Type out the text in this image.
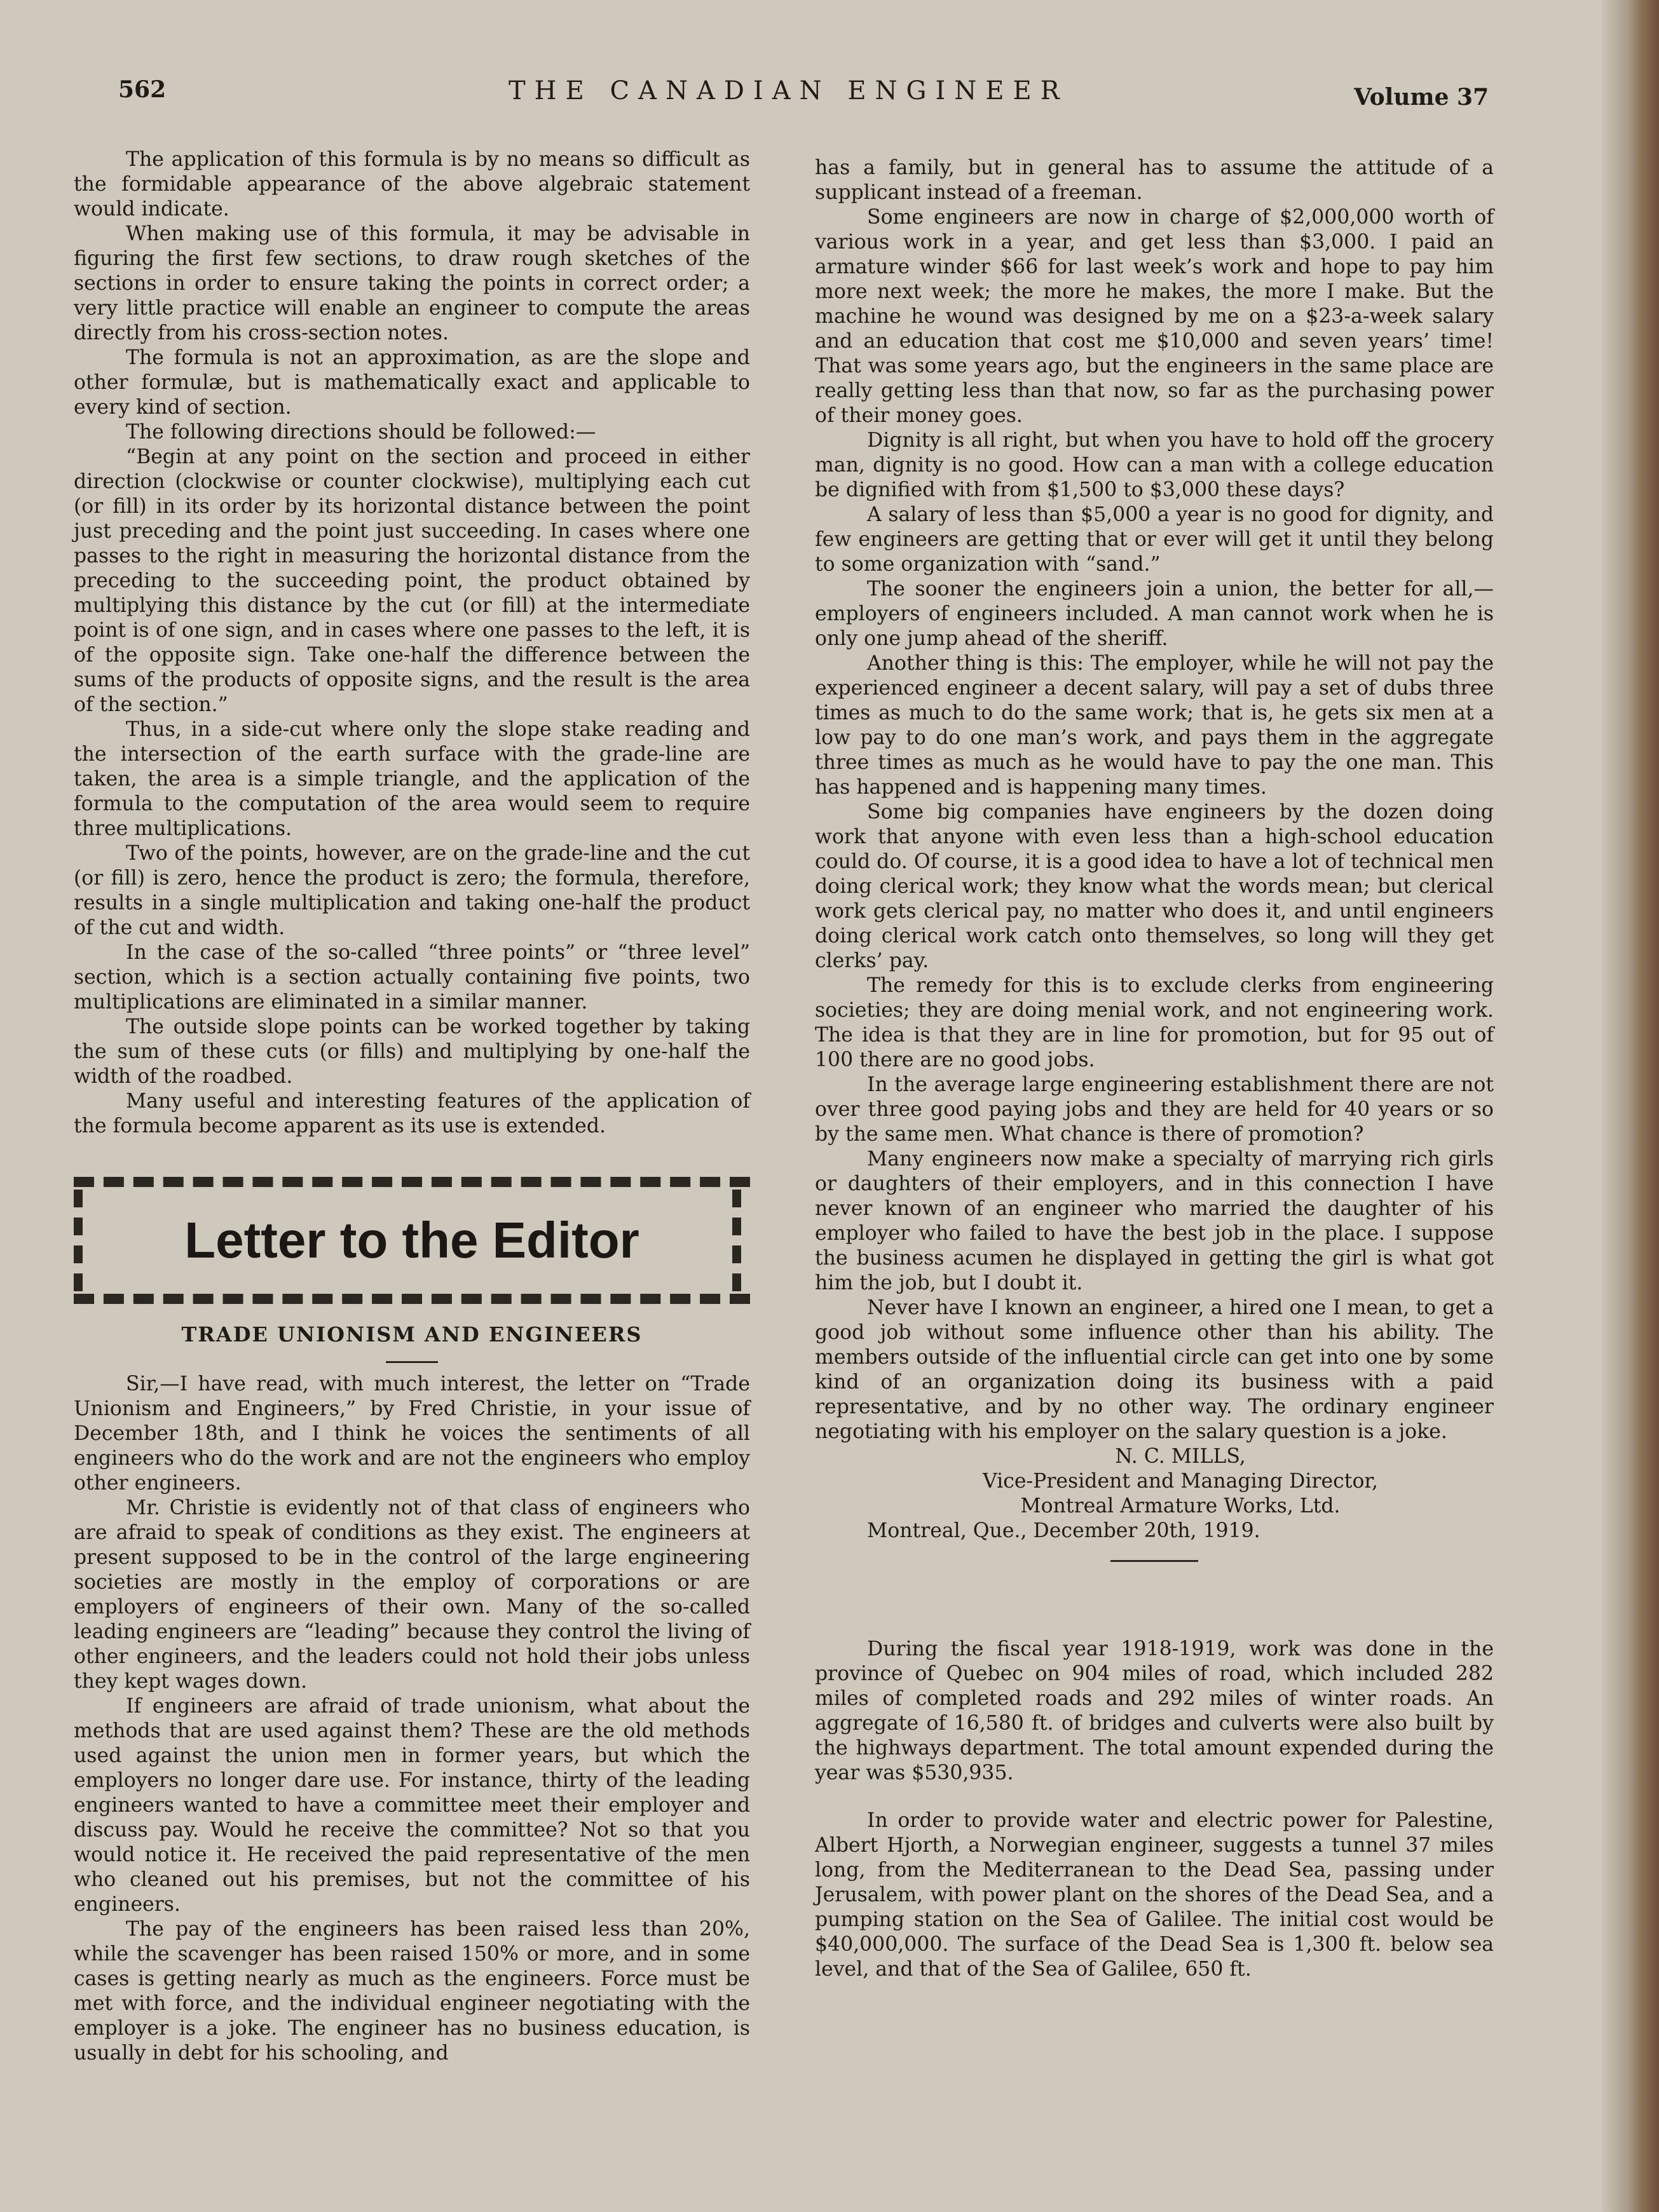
562	THE CANADIAN ENGINEER	Volume 37

The application of this formula is by no means so difficult as the formidable appearance of the above algebraic statement would indicate.

When making use of this formula, it may be advisable in figuring the first few sections, to draw rough sketches of the sections in order to ensure taking the points in correct order; a very little practice will enable an engineer to compute the areas directly from his cross-section notes.

The formula is not an approximation, as are the slope and other formulæ, but is mathematically exact and applicable to every kind of section.

The following directions should be followed:—

“Begin at any point on the section and proceed in either direction (clockwise or counter clockwise), multiplying each cut (or fill) in its order by its horizontal distance between the point just preceding and the point just succeeding. In cases where one passes to the right in measuring the horizontal distance from the preceding to the succeeding point, the product obtained by multiplying this distance by the cut (or fill) at the intermediate point is of one sign, and in cases where one passes to the left, it is of the opposite sign. Take one-half the difference between the sums of the products of opposite signs, and the result is the area of the section.”

Thus, in a side-cut where only the slope stake reading and the intersection of the earth surface with the grade-line are taken, the area is a simple triangle, and the application of the formula to the computation of the area would seem to require three multiplications.

Two of the points, however, are on the grade-line and the cut (or fill) is zero, hence the product is zero; the formula, therefore, results in a single multiplication and taking one-half the product of the cut and width.

In the case of the so-called “three points” or “three level” section, which is a section actually containing five points, two multiplications are eliminated in a similar manner.

The outside slope points can be worked together by taking the sum of these cuts (or fills) and multiplying by one-half the width of the roadbed.

Many useful and interesting features of the application of the formula become apparent as its use is extended.

Letter to the Editor
TRADE UNIONISM AND ENGINEERS

Sir,—I have read, with much interest, the letter on “Trade Unionism and Engineers,” by Fred Christie, in your issue of December 18th, and I think he voices the sentiments of all engineers who do the work and are not the engineers who employ other engineers.

Mr. Christie is evidently not of that class of engineers who are afraid to speak of conditions as they exist. The engineers at present supposed to be in the control of the large engineering societies are mostly in the employ of corporations or are employers of engineers of their own. Many of the so-called leading engineers are “leading” because they control the living of other engineers, and the leaders could not hold their jobs unless they kept wages down.

If engineers are afraid of trade unionism, what about the methods that are used against them? These are the old methods used against the union men in former years, but which the employers no longer dare use. For instance, thirty of the leading engineers wanted to have a committee meet their employer and discuss pay. Would he receive the committee? Not so that you would notice it. He received the paid representative of the men who cleaned out his premises, but not the committee of his engineers.

The pay of the engineers has been raised less than 20%, while the scavenger has been raised 150% or more, and in some cases is getting nearly as much as the engineers. Force must be met with force, and the individual engineer negotiating with the employer is a joke. The engineer has no business education, is usually in debt for his schooling, and

has a family, but in general has to assume the attitude of a supplicant instead of a freeman.

Some engineers are now in charge of $2,000,000 worth of various work in a year, and get less than $3,000. I paid an armature winder $66 for last week’s work and hope to pay him more next week; the more he makes, the more I make. But the machine he wound was designed by me on a $23-a-week salary and an education that cost me $10,000 and seven years’ time! That was some years ago, but the engineers in the same place are really getting less than that now, so far as the purchasing power of their money goes.

Dignity is all right, but when you have to hold off the grocery man, dignity is no good. How can a man with a college education be dignified with from $1,500 to $3,000 these days?

A salary of less than $5,000 a year is no good for dignity, and few engineers are getting that or ever will get it until they belong to some organization with “sand.”

The sooner the engineers join a union, the better for all,—employers of engineers included. A man cannot work when he is only one jump ahead of the sheriff.

Another thing is this: The employer, while he will not pay the experienced engineer a decent salary, will pay a set of dubs three times as much to do the same work; that is, he gets six men at a low pay to do one man’s work, and pays them in the aggregate three times as much as he would have to pay the one man. This has happened and is happening many times.

Some big companies have engineers by the dozen doing work that anyone with even less than a high-school education could do. Of course, it is a good idea to have a lot of technical men doing clerical work; they know what the words mean; but clerical work gets clerical pay, no matter who does it, and until engineers doing clerical work catch onto themselves, so long will they get clerks’ pay.

The remedy for this is to exclude clerks from engineering societies; they are doing menial work, and not engineering work. The idea is that they are in line for promotion, but for 95 out of 100 there are no good jobs.

In the average large engineering establishment there are not over three good paying jobs and they are held for 40 years or so by the same men. What chance is there of promotion?

Many engineers now make a specialty of marrying rich girls or daughters of their employers, and in this connection I have never known of an engineer who married the daughter of his employer who failed to have the best job in the place. I suppose the business acumen he displayed in getting the girl is what got him the job, but I doubt it.

Never have I known an engineer, a hired one I mean, to get a good job without some influence other than his ability. The members outside of the influential circle can get into one by some kind of an organization doing its business with a paid representative, and by no other way. The ordinary engineer negotiating with his employer on the salary question is a joke.

N. C. MILLS,

Vice-President and Managing Director,

Montreal Armature Works, Ltd.

Montreal, Que., December 20th, 1919.

During the fiscal year 1918-1919, work was done in the province of Quebec on 904 miles of road, which included 282 miles of completed roads and 292 miles of winter roads. An aggregate of 16,580 ft. of bridges and culverts were also built by the highways department. The total amount expended during the year was $530,935.

In order to provide water and electric power for Palestine, Albert Hjorth, a Norwegian engineer, suggests a tunnel 37 miles long, from the Mediterranean to the Dead Sea, passing under Jerusalem, with power plant on the shores of the Dead Sea, and a pumping station on the Sea of Galilee. The initial cost would be $40,000,000. The surface of the Dead Sea is 1,300 ft. below sea level, and that of the Sea of Galilee, 650 ft.
